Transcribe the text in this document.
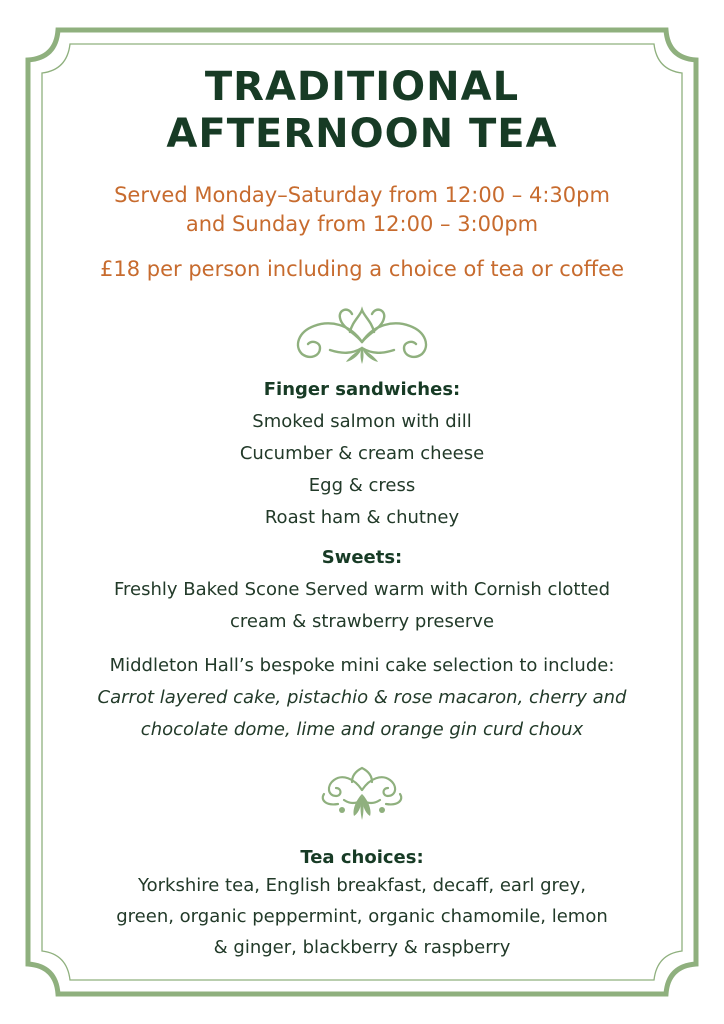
TRADITIONAL
AFTERNOON TEA
Served Monday–Saturday from 12:00 – 4:30pm
and Sunday from 12:00 – 3:00pm
£18 per person including a choice of tea or coffee
Finger sandwiches:
Smoked salmon with dill
Cucumber & cream cheese
Egg & cress
Roast ham & chutney
Sweets:
Freshly Baked Scone Served warm with Cornish clotted
cream & strawberry preserve
Middleton Hall’s bespoke mini cake selection to include:
Carrot layered cake, pistachio & rose macaron, cherry and
chocolate dome, lime and orange gin curd choux
Tea choices:
Yorkshire tea, English breakfast, decaff, earl grey,
green, organic peppermint, organic chamomile, lemon
& ginger, blackberry & raspberry
